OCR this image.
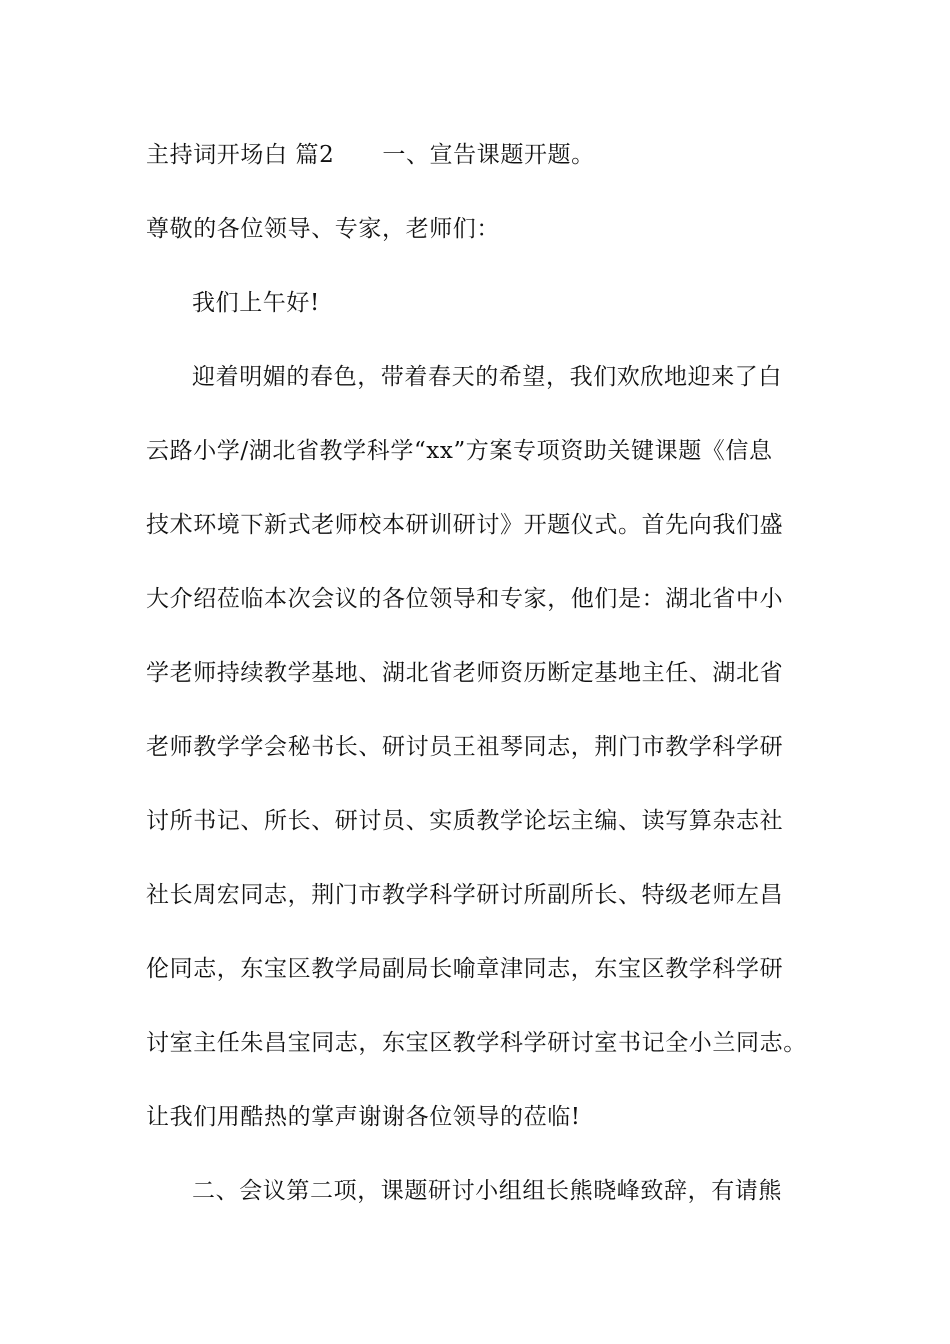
主持词开场白 篇2 一、宣告课题开题。
尊敬的各位领导、专家，老师们：
我们上午好!
迎着明媚的春色，带着春天的希望，我们欢欣地迎来了白
云路小学/湖北省教学科学“xx”方案专项资助关键课题《信息
技术环境下新式老师校本研训研讨》开题仪式。首先向我们盛
大介绍莅临本次会议的各位领导和专家，他们是：湖北省中小
学老师持续教学基地、湖北省老师资历断定基地主任、湖北省
老师教学学会秘书长、研讨员王祖琴同志，荆门市教学科学研
讨所书记、所长、研讨员、实质教学论坛主编、读写算杂志社
社长周宏同志，荆门市教学科学研讨所副所长、特级老师左昌
伦同志，东宝区教学局副局长喻章津同志，东宝区教学科学研
讨室主任朱昌宝同志，东宝区教学科学研讨室书记全小兰同志。
让我们用酷热的掌声谢谢各位领导的莅临!
二、会议第二项，课题研讨小组组长熊晓峰致辞，有请熊
